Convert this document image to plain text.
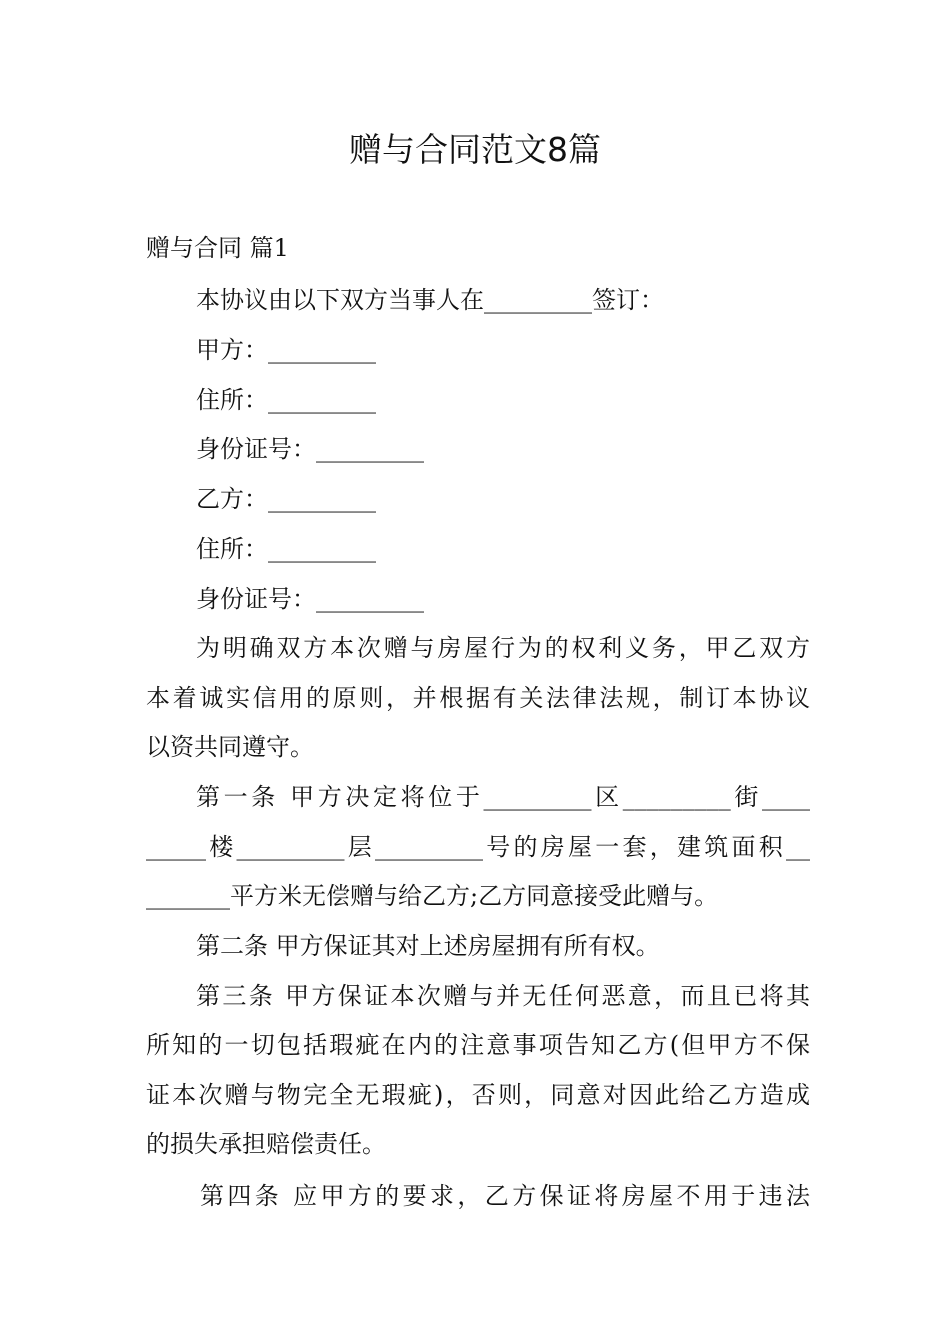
赠与合同范文8篇
赠与合同 篇1
本协议由以下双方当事人在_________签订：
甲方：_________
住所：_________
身份证号：_________
乙方：_________
住所：_________
身份证号：_________
为明确双方本次赠与房屋行为的权利义务，甲乙双方
本着诚实信用的原则，并根据有关法律法规，制订本协议
以资共同遵守。
第一条 甲方决定将位于_________区_________街____
_____楼_________层_________号的房屋一套，建筑面积__
_______平方米无偿赠与给乙方;乙方同意接受此赠与。
第二条 甲方保证其对上述房屋拥有所有权。
第三条 甲方保证本次赠与并无任何恶意，而且已将其
所知的一切包括瑕疵在内的注意事项告知乙方(但甲方不保
证本次赠与物完全无瑕疵)，否则，同意对因此给乙方造成
的损失承担赔偿责任。
第四条 应甲方的要求，乙方保证将房屋不用于违法
